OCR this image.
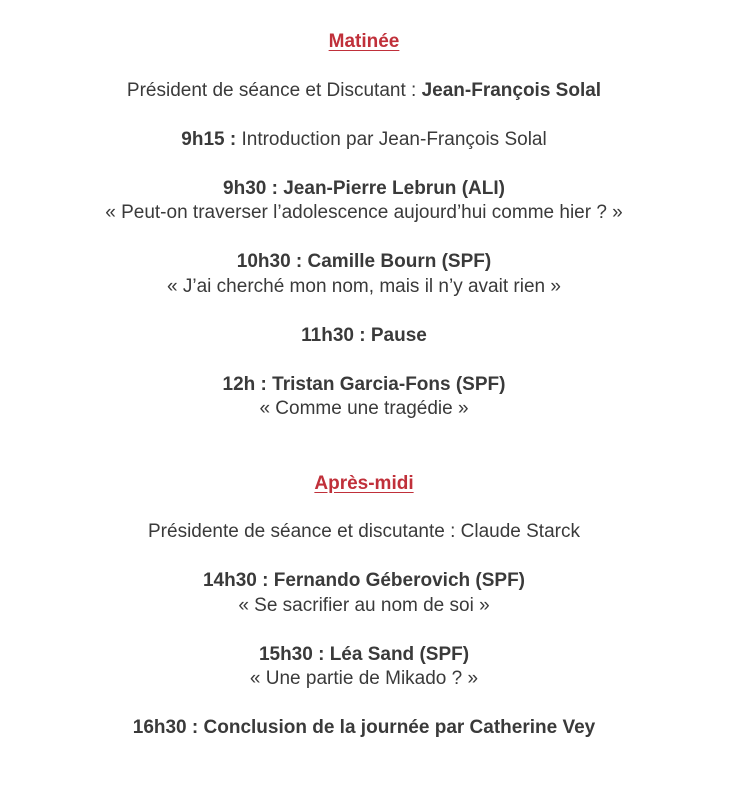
Matinée
Président de séance et Discutant : Jean-François Solal
9h15 : Introduction par Jean-François Solal
9h30 : Jean-Pierre Lebrun (ALI)
« Peut-on traverser l’adolescence aujourd’hui comme hier ? »
10h30 : Camille Bourn (SPF)
« J’ai cherché mon nom, mais il n’y avait rien »
11h30 : Pause
12h : Tristan Garcia-Fons (SPF)
« Comme une tragédie »
Après-midi
Présidente de séance et discutante : Claude Starck
14h30 : Fernando Géberovich (SPF)
« Se sacrifier au nom de soi »
15h30 : Léa Sand (SPF)
« Une partie de Mikado ? »
16h30 : Conclusion de la journée par Catherine Vey
